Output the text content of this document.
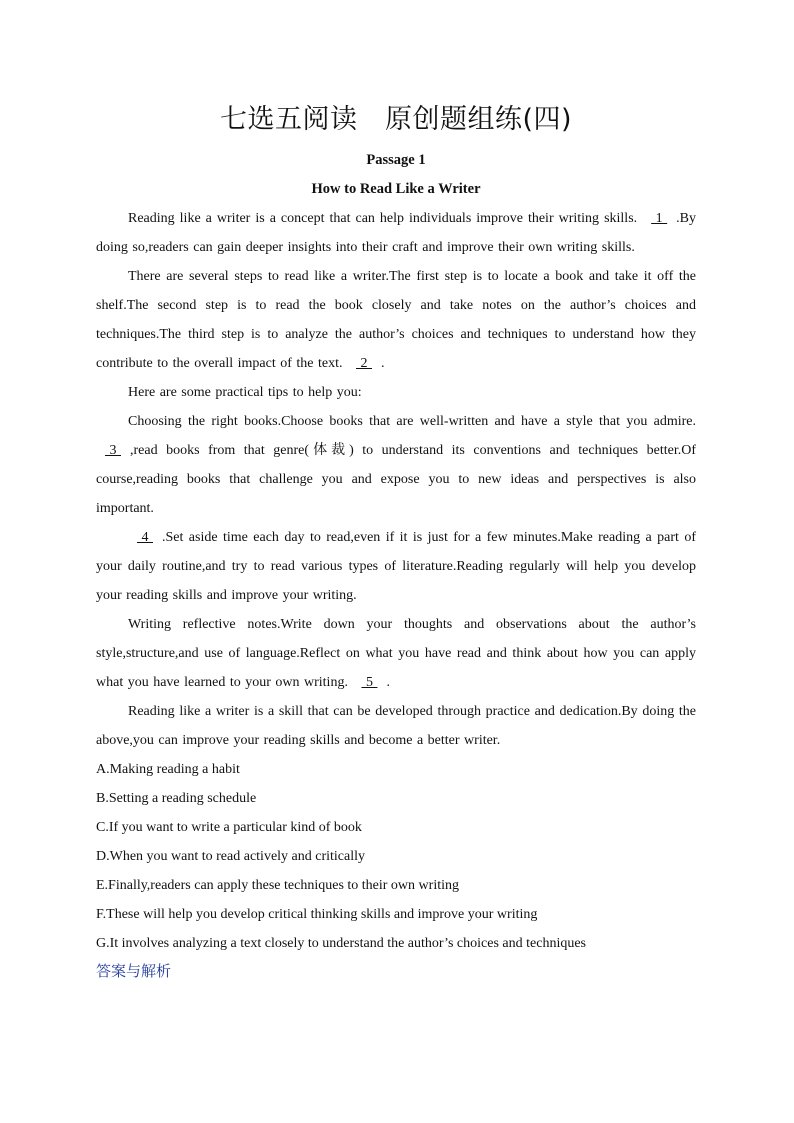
七选五阅读　原创题组练(四)

Passage 1

How to Read Like a Writer

Reading like a writer is a concept that can help individuals improve their writing skills.  1 .By doing so,readers can gain deeper insights into their craft and improve their own writing skills.

There are several steps to read like a writer.The first step is to locate a book and take it off the shelf.The second step is to read the book closely and take notes on the author’s choices and techniques.The third step is to analyze the author’s choices and techniques to understand how they contribute to the overall impact of the text.  2 .

Here are some practical tips to help you:

Choosing the right books.Choose books that are well-written and have a style that you admire.  3 ,read books from that genre(体裁) to understand its conventions and techniques better.Of course,reading books that challenge you and expose you to new ideas and perspectives is also important.

4 .Set aside time each day to read,even if it is just for a few minutes.Make reading a part of your daily routine,and try to read various types of literature.Reading regularly will help you develop your reading skills and improve your writing.

Writing reflective notes.Write down your thoughts and observations about the author’s style,structure,and use of language.Reflect on what you have read and think about how you can apply what you have learned to your own writing.  5 .

Reading like a writer is a skill that can be developed through practice and dedication.By doing the above,you can improve your reading skills and become a better writer.

A.Making reading a habit

B.Setting a reading schedule

C.If you want to write a particular kind of book

D.When you want to read actively and critically

E.Finally,readers can apply these techniques to their own writing

F.These will help you develop critical thinking skills and improve your writing

G.It involves analyzing a text closely to understand the author’s choices and techniques

答案与解析
